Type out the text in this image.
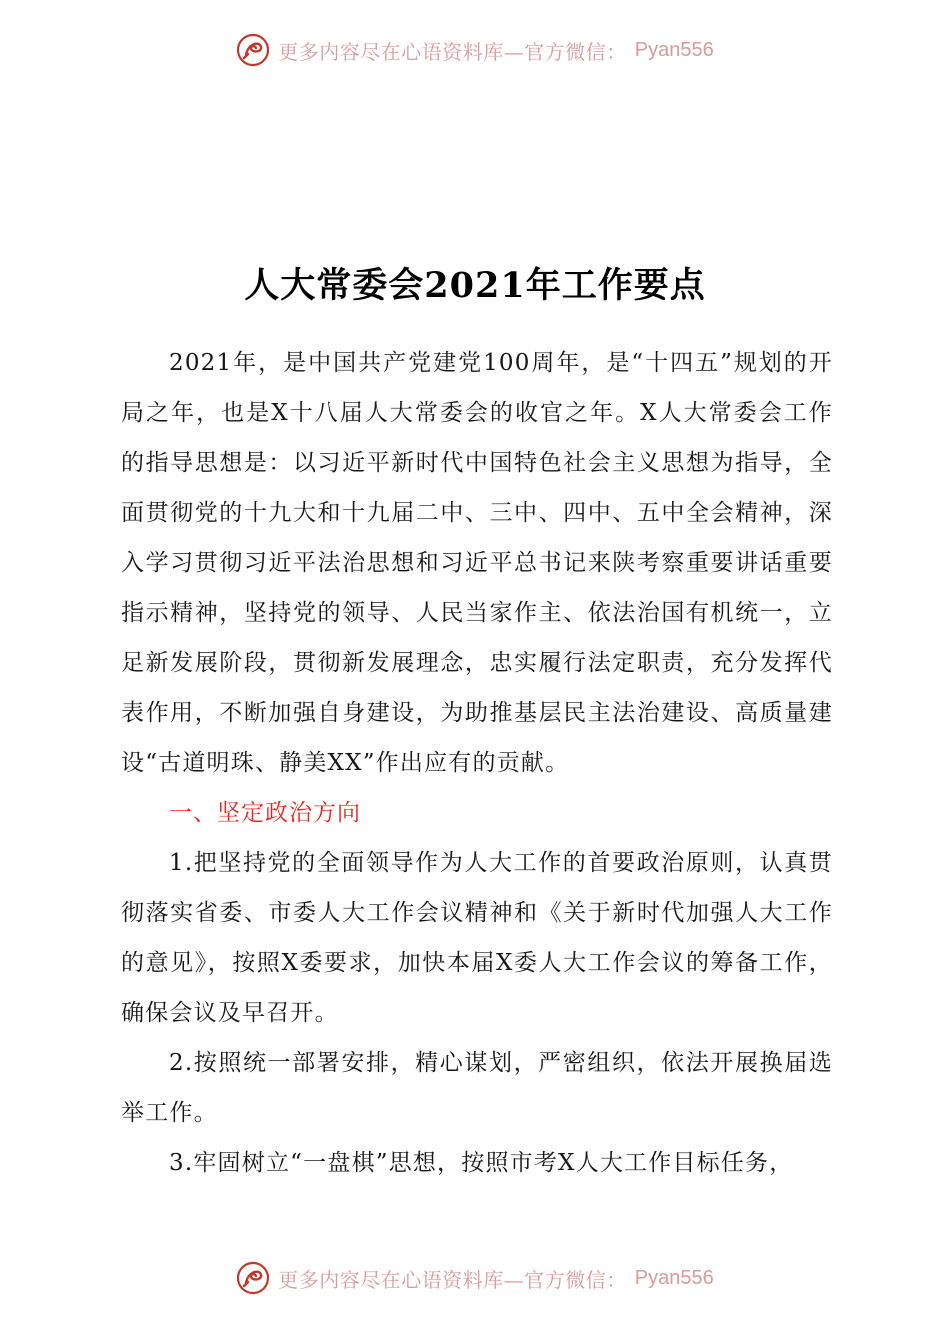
更多内容尽在心语资料库—官方微信： Pyan556
人大常委会2021年工作要点

2021年，是中国共产党建党100周年，是“十四五”规划的开局之年，也是X十八届人大常委会的收官之年。X人大常委会工作的指导思想是：以习近平新时代中国特色社会主义思想为指导，全面贯彻党的十九大和十九届二中、三中、四中、五中全会精神，深入学习贯彻习近平法治思想和习近平总书记来陕考察重要讲话重要指示精神，坚持党的领导、人民当家作主、依法治国有机统一，立足新发展阶段，贯彻新发展理念，忠实履行法定职责，充分发挥代表作用，不断加强自身建设，为助推基层民主法治建设、高质量建设“古道明珠、静美XX”作出应有的贡献。

一、坚定政治方向

1.把坚持党的全面领导作为人大工作的首要政治原则，认真贯彻落实省委、市委人大工作会议精神和《关于新时代加强人大工作的意见》，按照X委要求，加快本届X委人大工作会议的筹备工作，确保会议及早召开。

2.按照统一部署安排，精心谋划，严密组织，依法开展换届选举工作。

3.牢固树立“一盘棋”思想，按照市考X人大工作目标任务，

更多内容尽在心语资料库—官方微信： Pyan556
